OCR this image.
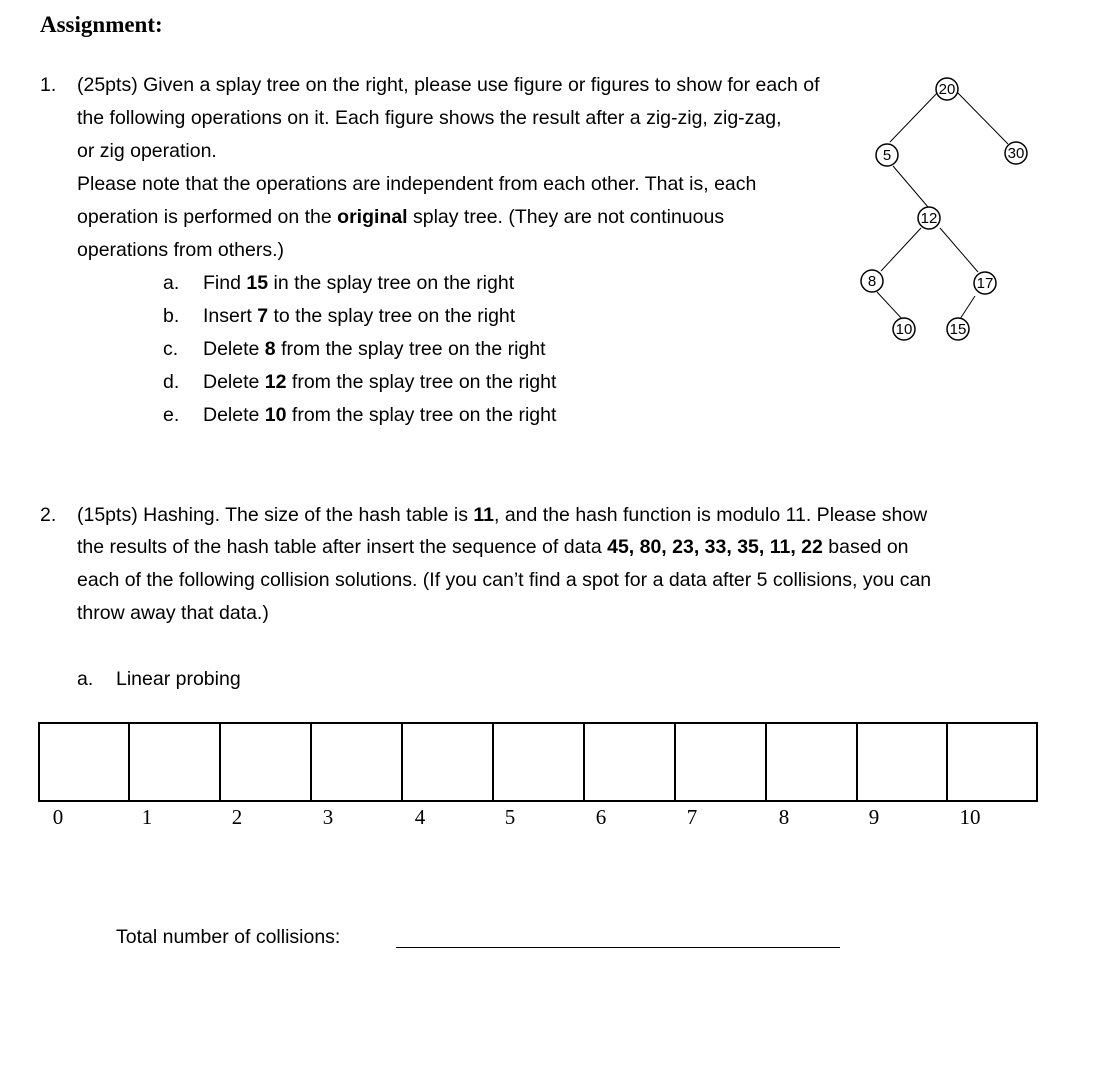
Assignment:
1. (25pts) Given a splay tree on the right, please use figure or figures to show for each of
the following operations on it. Each figure shows the result after a zig-zig, zig-zag,
or zig operation.
Please note that the operations are independent from each other. That is, each
operation is performed on the original splay tree. (They are not continuous
operations from others.)
a. Find 15 in the splay tree on the right
b. Insert 7 to the splay tree on the right
c. Delete 8 from the splay tree on the right
d. Delete 12 from the splay tree on the right
e. Delete 10 from the splay tree on the right
20
5	30
12
8	17
10 15
2. (15pts) Hashing. The size of the hash table is 11, and the hash function is modulo 11. Please show
the results of the hash table after insert the sequence of data 45, 80, 23, 33, 35, 11, 22 based on
each of the following collision solutions. (If you can’t find a spot for a data after 5 collisions, you can
throw away that data.)
a. Linear probing
0	1	2	3	4	5	6	7	8	9	10
Total number of collisions:
